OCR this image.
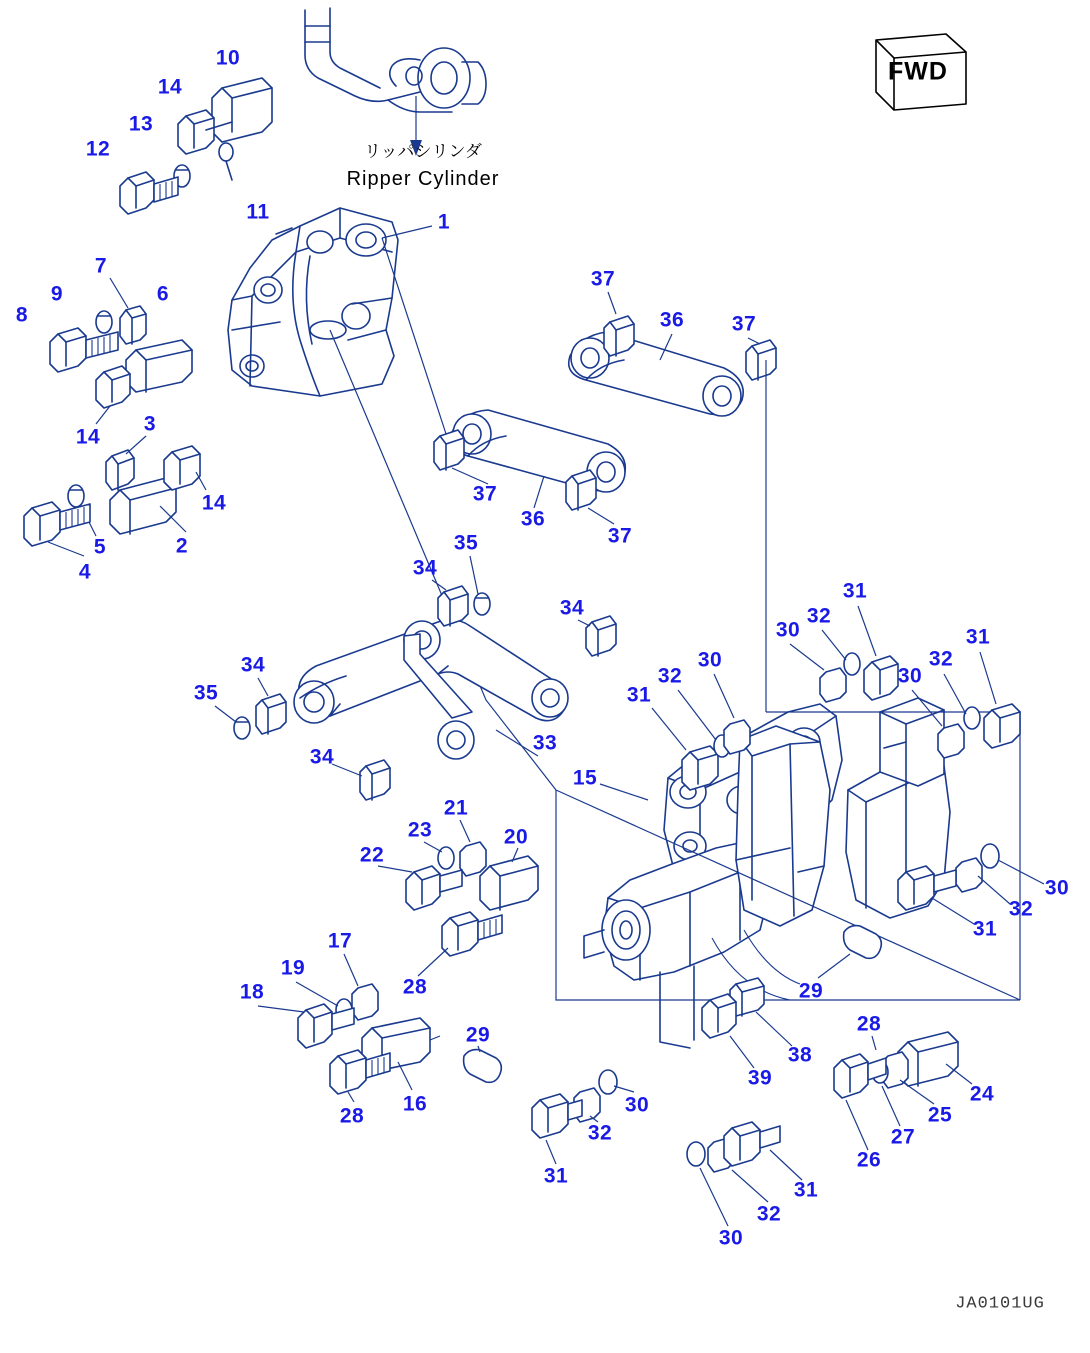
FWD
リッパシリンダ
Ripper Cylinder
JA0101UG
10
14
13
12
11	1
7
9	6
8
37
36 37
14
3
14	37
36
37
4
5	2	35
34
34
31
32
30	31
32
30
30
32
31
34
35
34
33
15
21
23	20
22
30
32
31
28
17
19
18	29
29
16
28
38
39
28
24
25
27
26
30
32
31
31
32
30
